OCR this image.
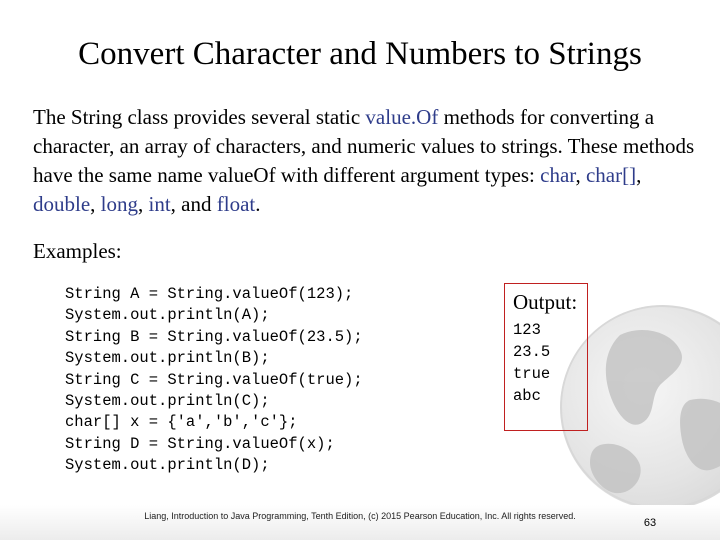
Convert Character and Numbers to Strings
The String class provides several static value.Of methods for converting a character, an array of characters, and numeric values to strings. These methods have the same name valueOf with different argument types: char, char[], double, long, int, and float.
Examples:
String A = String.valueOf(123);
System.out.println(A);
String B = String.valueOf(23.5);
System.out.println(B);
String C = String.valueOf(true);
System.out.println(C);
char[] x = {'a','b','c'};
String D = String.valueOf(x);
System.out.println(D);
Output:
123
23.5
true
abc
Liang, Introduction to Java Programming, Tenth Edition, (c) 2015 Pearson Education, Inc. All rights reserved.
63
